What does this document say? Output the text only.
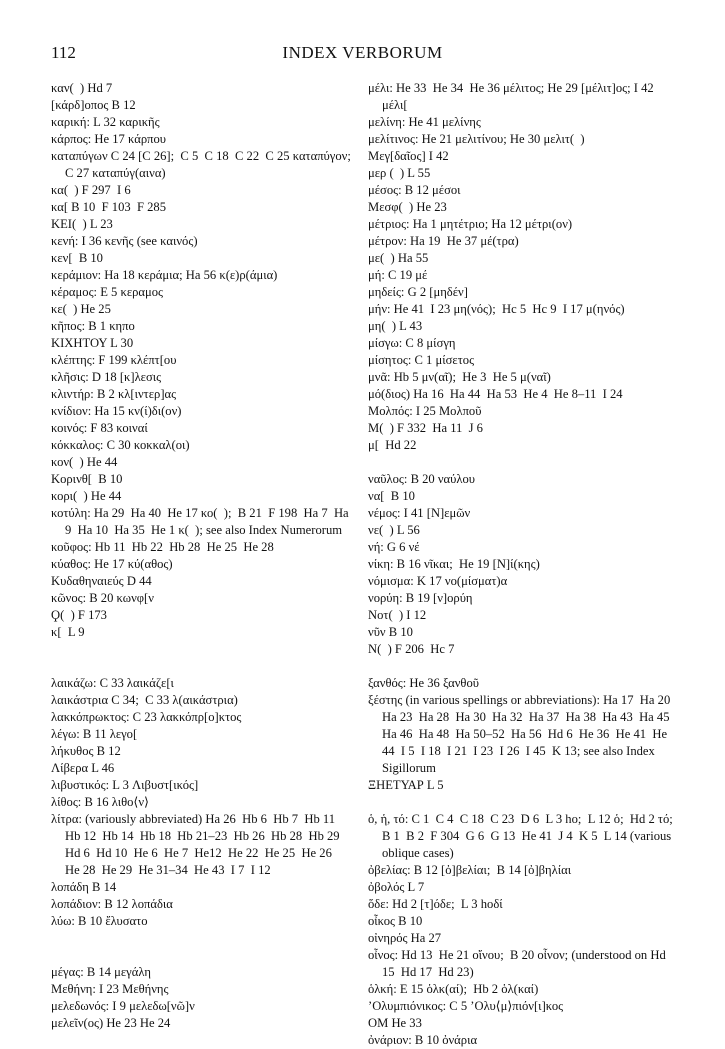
112	INDEX VERBORUM
καν(  ) Hd 7
[κάρδ]οπος B 12
καρική: L 32 καρικῆς
κάρπος: He 17 κάρπου
καταπύγων C 24 [C 26];  C 5  C 18  C 22  C 25 καταπύγον; C 27 καταπύγ(αινα)
κα(  ) F 297  I 6
κα[ B 10  F 103  F 285
ΚΕΙ(  ) L 23
κενή: I 36 κενῆς (see καινός)
κεν[  B 10
κεράμιον: Ha 18 κεράμια; Ha 56 κ(ε)ρ(άμια)
κέραμος: E 5 κεραμος
κε(  ) He 25
κῆπος: B 1 κηπο
ΚΙΧΗΤΟΥ L 30
κλέπτης: F 199 κλέπτ[ου
κλῆσις: D 18 [κ]λεσις
κλιντήρ: B 2 κλ[ιντερ]ας
κνίδιον: Ha 15 κν(ί)δι(ον)
κοινός: F 83 κοιναί
κόκκαλος: C 30 κοκκαλ(οι)
κον(  ) He 44
Κορινθ[  B 10
κορι(  ) He 44
κοτύλη: Ha 29  Ha 40  He 17 κο(  );  B 21  F 198  Ha 7  Ha 9  Ha 10  Ha 35  He 1 κ(  ); see also Index Numerorum
κοῦφος: Hb 11  Hb 22  Hb 28  He 25  He 28
κύαθος: He 17 κύ(αθος)
Κυδαθηναιεύς D 44
κῶνος: B 20 κωνφ[ν
Ϙ(  ) F 173
κ[  L 9
λαικάζω: C 33 λαικάζε[ι
λαικάστρια C 34;  C 33 λ(αικάστρια)
λακκόπρωκτος: C 23 λακκόπρ[ο]κτος
λέγω: B 11 λεγο[
λήκυθος B 12
Λίβερα L 46
λιβυστικός: L 3 Λιβυστ[ικός]
λίθος: B 16 λιθο⟨ν⟩
λίτρα: (variously abbreviated) Ha 26  Hb 6  Hb 7  Hb 11  Hb 12  Hb 14  Hb 18  Hb 21–23  Hb 26  Hb 28  Hb 29  Hd 6  Hd 10  He 6  He 7  He12  He 22  He 25  He 26  He 28  He 29  He 31–34  He 43  I 7  I 12
λοπάδη B 14
λοπάδιον: B 12 λοπάδια
λύω: B 10 ἔλυσατο
μέγας: B 14 μεγάλη
Μεθήνη: I 23 Μεθήνης
μελεδωνός: I 9 μελεδω[νῶ]ν
μελεῖν(ος) He 23 He 24
μέλι: He 33  He 34  He 36 μέλιτος; He 29 [μέλιτ]ος; I 42 μέλι[
μελίνη: He 41 μελίνης
μελίτινος: He 21 μελιτίνου; He 30 μελιτ(  )
Μεγ[δαῖος] I 42
μερ (  ) L 55
μέσος: B 12 μέσοι
Μεσφ(  ) He 23
μέτριος: Ha 1 μητέτριο; Ha 12 μέτρι(ον)
μέτρον: Ha 19  He 37 μέ(τρα)
με(  ) Ha 55
μή: C 19 μέ
μηδείς: G 2 [μηδέν]
μήν: He 41  I 23 μη(νός);  Hc 5  Hc 9  I 17 μ(ηνός)
μη(  ) L 43
μίσγω: C 8 μίσγη
μίσητος: C 1 μίσετος
μνᾶ: Hb 5 μν(αῖ);  He 3  He 5 μ(ναῖ)
μό(διος) Ha 16  Ha 44  Ha 53  He 4  He 8–11  I 24
Μολπός: I 25 Μολποῦ
Μ(  ) F 332  Ha 11  J 6
μ[  Hd 22
ναῦλος: B 20 ναύλου
να[  B 10
νέμος: I 41 [Ν]εμῶν
νε(  ) L 56
νή: G 6 νέ
νίκη: B 16 νῖκαι;  He 19 [Ν]ί(κης)
νόμισμα: K 17 νο(μίσματ)α
νορύη: B 19 [ν]ορύη
Νοτ(  ) I 12
νῦν B 10
Ν(  ) F 206  Hc 7
ξανθός: He 36 ξανθοῦ
ξέστης (in various spellings or abbreviations): Ha 17  Ha 20  Ha 23  Ha 28  Ha 30  Ha 32  Ha 37  Ha 38  Ha 43  Ha 45  Ha 46  Ha 48  Ha 50–52  Ha 56  Hd 6  He 36  He 41  He 44  I 5  I 18  I 21  I 23  I 26  I 45  K 13; see also Index Sigillorum
ΞΗΕΤΥΑΡ L 5
ὁ, ἡ, τό: C 1  C 4  C 18  C 23  D 6  L 3 ho;  L 12 ὁ;  Hd 2 τό;  B 1  B 2  F 304  G 6  G 13  He 41  J 4  K 5  L 14 (various oblique cases)
ὀβελίας: B 12 [ὀ]βελίαι;  B 14 [ὀ]βηλίαι
ὀβολός L 7
ὅδε: Hd 2 [τ]όδε;  L 3 hoδί
οἶκος B 10
οἰνηρός Ha 27
οἶνος: Hd 13  He 21 οἴνου;  B 20 οἶνον; (understood on Hd 15  Hd 17  Hd 23)
ὁλκή: E 15 ὁλκ(αί);  Hb 2 ὁλ(καί)
’Ολυμπιόνικος: C 5 ’Ολυ⟨μ⟩πιόν[ι]κος
ΟΜ He 33
ὀνάριον: B 10 ὀνάρια
